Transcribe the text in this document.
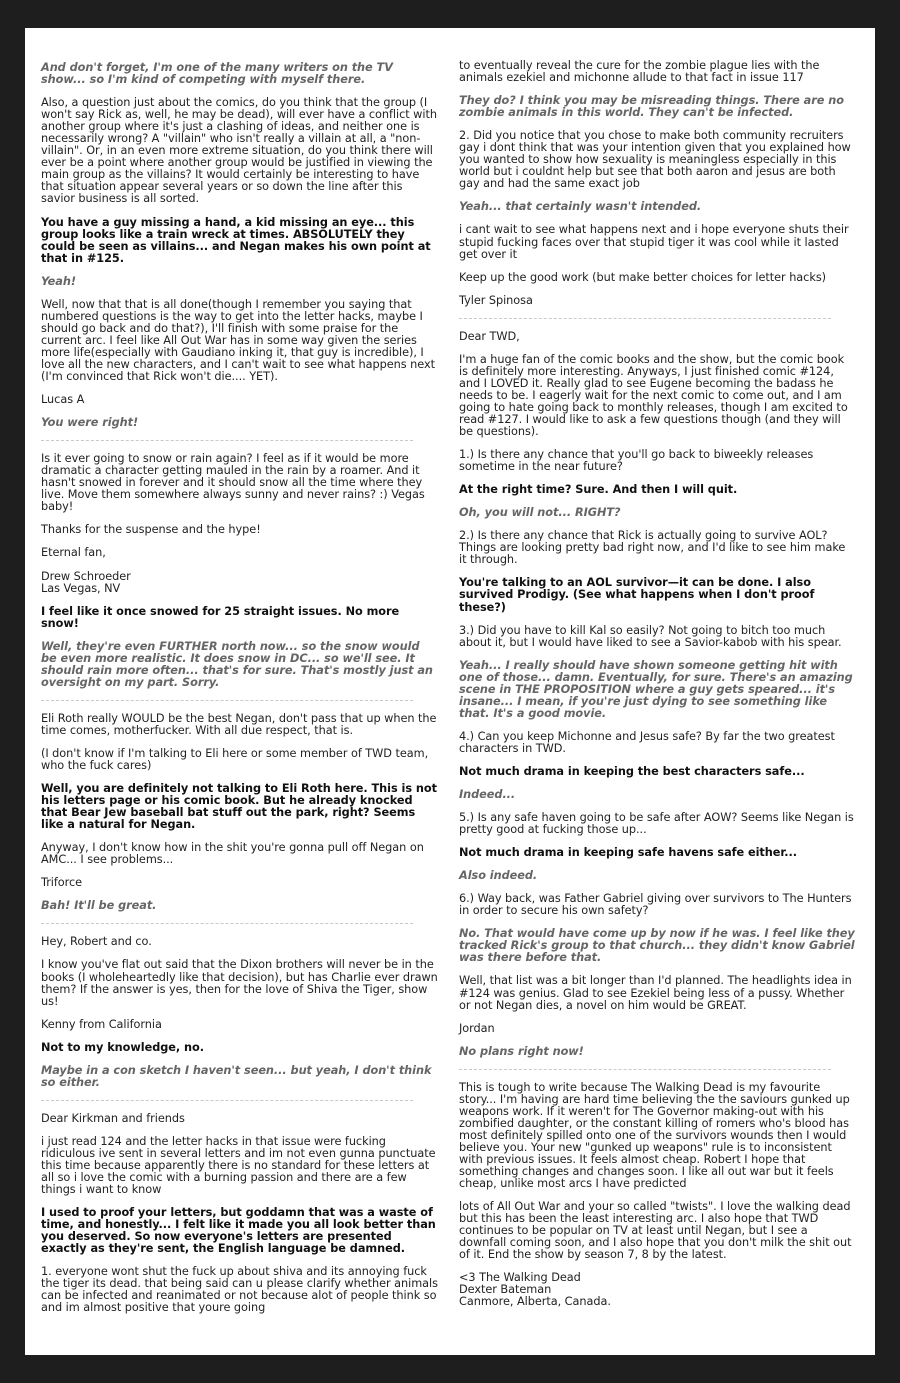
And don't forget, I'm one of the many writers on the TV show... so I'm kind of competing with myself there.

Also, a question just about the comics, do you think that the group (I won't say Rick as, well, he may be dead), will ever have a conflict with another group where it's just a clashing of ideas, and neither one is necessarily wrong? A "villain" who isn't really a villain at all, a "non-villain". Or, in an even more extreme situation, do you think there will ever be a point where another group would be justified in viewing the main group as the villains? It would certainly be interesting to have that situation appear several years or so down the line after this savior business is all sorted.

You have a guy missing a hand, a kid missing an eye... this group looks like a train wreck at times. ABSOLUTELY they could be seen as villains... and Negan makes his own point at that in #125.

Yeah!

Well, now that that is all done(though I remember you saying that numbered questions is the way to get into the letter hacks, maybe I should go back and do that?), I'll finish with some praise for the current arc. I feel like All Out War has in some way given the series more life(especially with Gaudiano inking it, that guy is incredible), I love all the new characters, and I can't wait to see what happens next (I'm convinced that Rick won't die.... YET).

Lucas A

You were right!

Is it ever going to snow or rain again? I feel as if it would be more dramatic a character getting mauled in the rain by a roamer. And it hasn't snowed in forever and it should snow all the time where they live. Move them somewhere always sunny and never rains? :) Vegas baby!

Thanks for the suspense and the hype!

Eternal fan,

Drew Schroeder
Las Vegas, NV

I feel like it once snowed for 25 straight issues. No more snow!

Well, they're even FURTHER north now... so the snow would be even more realistic. It does snow in DC... so we'll see. It should rain more often... that's for sure. That's mostly just an oversight on my part. Sorry.

Eli Roth really WOULD be the best Negan, don't pass that up when the time comes, motherfucker. With all due respect, that is.

(I don't know if I'm talking to Eli here or some member of TWD team, who the fuck cares)

Well, you are definitely not talking to Eli Roth here. This is not his letters page or his comic book. But he already knocked that Bear Jew baseball bat stuff out the park, right? Seems like a natural for Negan.

Anyway, I don't know how in the shit you're gonna pull off Negan on AMC... I see problems...

Triforce

Bah! It'll be great.

Hey, Robert and co.

I know you've flat out said that the Dixon brothers will never be in the books (I wholeheartedly like that decision), but has Charlie ever drawn them? If the answer is yes, then for the love of Shiva the Tiger, show us!

Kenny from California

Not to my knowledge, no.

Maybe in a con sketch I haven't seen... but yeah, I don't think so either.

Dear Kirkman and friends

i just read 124 and the letter hacks in that issue were fucking ridiculous ive sent in several letters and im not even gunna punctuate this time because apparently there is no standard for these letters at all so i love the comic with a burning passion and there are a few things i want to know

I used to proof your letters, but goddamn that was a waste of time, and honestly... I felt like it made you all look better than you deserved. So now everyone's letters are presented exactly as they're sent, the English language be damned.

1. everyone wont shut the fuck up about shiva and its annoying fuck the tiger its dead. that being said can u please clarify whether animals can be infected and reanimated or not because alot of people think so and im almost positive that youre going

to eventually reveal the cure for the zombie plague lies with the animals ezekiel and michonne allude to that fact in issue 117

They do? I think you may be misreading things. There are no zombie animals in this world. They can't be infected.

2. Did you notice that you chose to make both community recruiters gay i dont think that was your intention given that you explained how you wanted to show how sexuality is meaningless especially in this world but i couldnt help but see that both aaron and jesus are both gay and had the same exact job

Yeah... that certainly wasn't intended.

i cant wait to see what happens next and i hope everyone shuts their stupid fucking faces over that stupid tiger it was cool while it lasted get over it

Keep up the good work (but make better choices for letter hacks)

Tyler Spinosa

Dear TWD,

I'm a huge fan of the comic books and the show, but the comic book is definitely more interesting. Anyways, I just finished comic #124, and I LOVED it. Really glad to see Eugene becoming the badass he needs to be. I eagerly wait for the next comic to come out, and I am going to hate going back to monthly releases, though I am excited to read #127. I would like to ask a few questions though (and they will be questions).

1.) Is there any chance that you'll go back to biweekly releases sometime in the near future?

At the right time? Sure. And then I will quit.

Oh, you will not... RIGHT?

2.) Is there any chance that Rick is actually going to survive AOL? Things are looking pretty bad right now, and I'd like to see him make it through.

You're talking to an AOL survivor—it can be done. I also survived Prodigy. (See what happens when I don't proof these?)

3.) Did you have to kill Kal so easily? Not going to bitch too much about it, but I would have liked to see a Savior-kabob with his spear.

Yeah... I really should have shown someone getting hit with one of those... damn. Eventually, for sure. There's an amazing scene in THE PROPOSITION where a guy gets speared... it's insane... I mean, if you're just dying to see something like that. It's a good movie.

4.) Can you keep Michonne and Jesus safe? By far the two greatest characters in TWD.

Not much drama in keeping the best characters safe...

Indeed...

5.) Is any safe haven going to be safe after AOW? Seems like Negan is pretty good at fucking those up...

Not much drama in keeping safe havens safe either...

Also indeed.

6.) Way back, was Father Gabriel giving over survivors to The Hunters in order to secure his own safety?

No. That would have come up by now if he was. I feel like they tracked Rick's group to that church... they didn't know Gabriel was there before that.

Well, that list was a bit longer than I'd planned. The headlights idea in #124 was genius. Glad to see Ezekiel being less of a pussy. Whether or not Negan dies, a novel on him would be GREAT.

Jordan

No plans right now!

This is tough to write because The Walking Dead is my favourite story... I'm having are hard time believing the the saviours gunked up weapons work. If it weren't for The Governor making-out with his zombified daughter, or the constant killing of romers who's blood has most definitely spilled onto one of the survivors wounds then I would believe you. Your new "gunked up weapons" rule is to inconsistent with previous issues. It feels almost cheap. Robert I hope that something changes and changes soon. I like all out war but it feels cheap, unlike most arcs I have predicted

lots of All Out War and your so called "twists". I love the walking dead but this has been the least interesting arc. I also hope that TWD continues to be popular on TV at least until Negan, but I see a downfall coming soon, and I also hope that you don't milk the shit out of it. End the show by season 7, 8 by the latest.

<3 The Walking Dead
Dexter Bateman
Canmore, Alberta, Canada.
